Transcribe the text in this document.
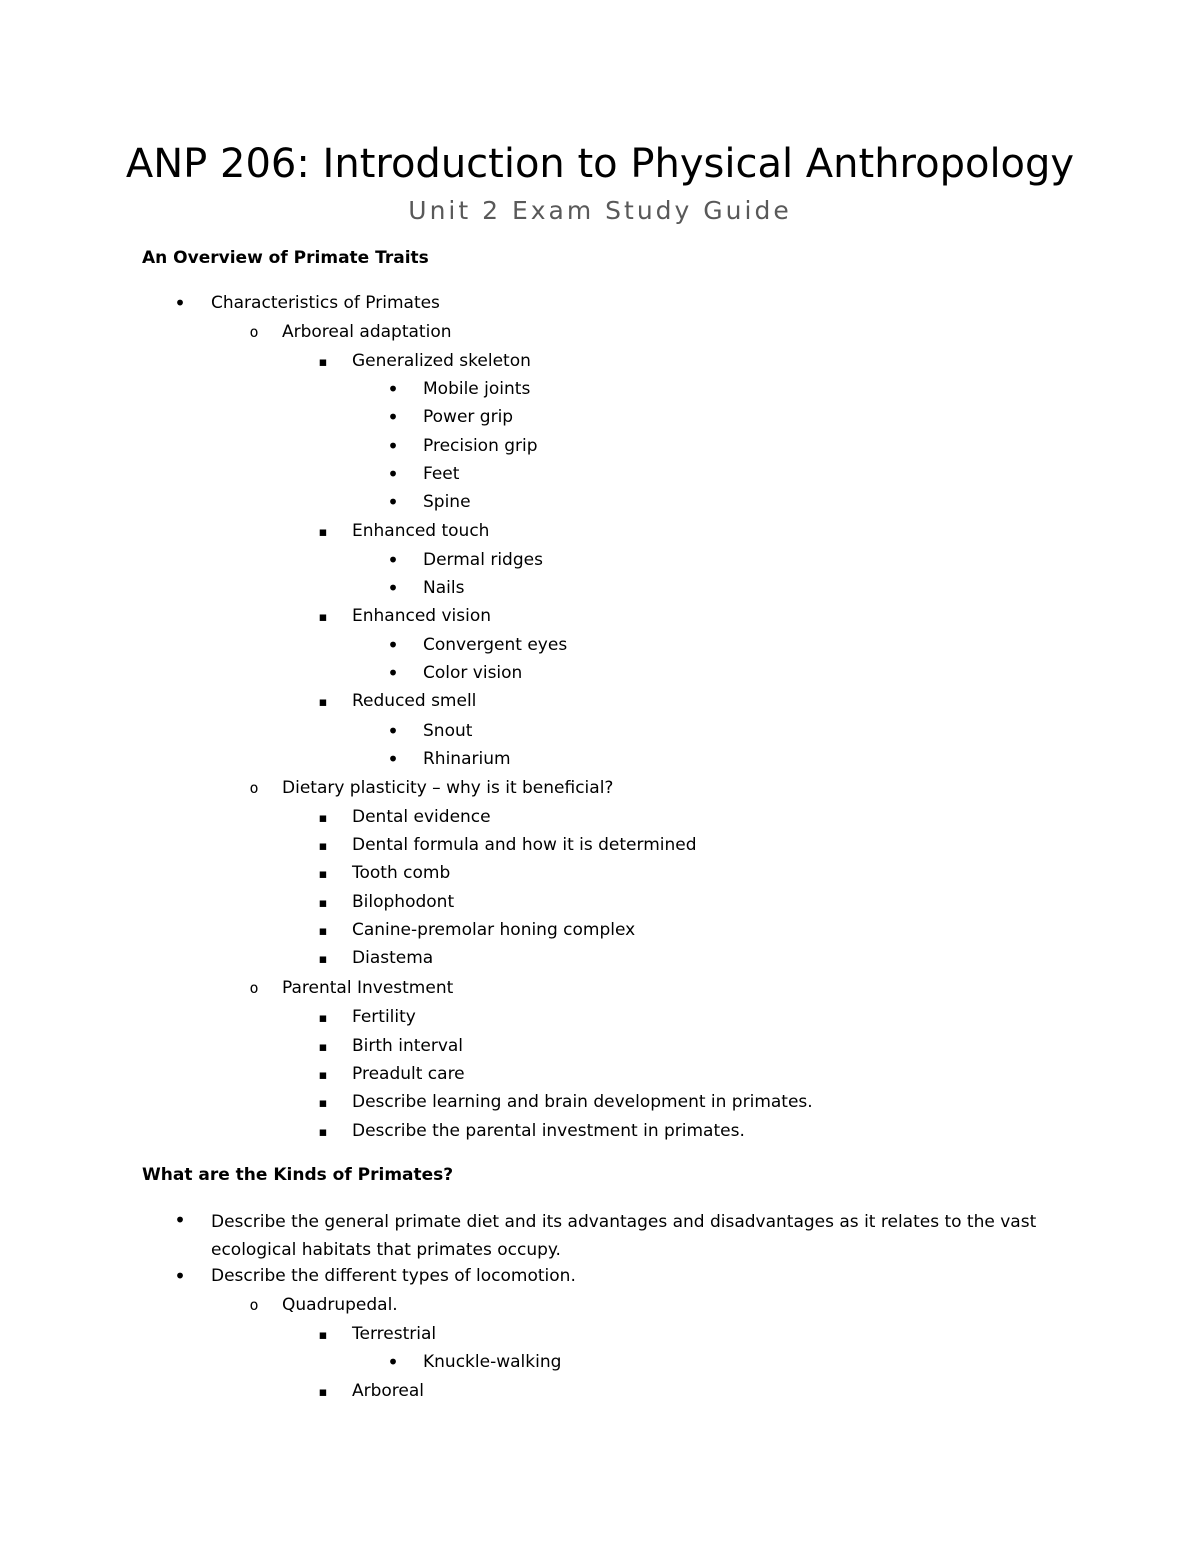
ANP 206: Introduction to Physical Anthropology
Unit 2 Exam Study Guide
An Overview of Primate Traits
•
Characteristics of Primates
o
Arboreal adaptation
▪
Generalized skeleton
•
Mobile joints
•
Power grip
•
Precision grip
•
Feet
•
Spine
▪
Enhanced touch
•
Dermal ridges
•
Nails
▪
Enhanced vision
•
Convergent eyes
•
Color vision
▪
Reduced smell
•
Snout
•
Rhinarium
o
Dietary plasticity – why is it beneficial?
▪
Dental evidence
▪
Dental formula and how it is determined
▪
Tooth comb
▪
Bilophodont
▪
Canine-premolar honing complex
▪
Diastema
o
Parental Investment
▪
Fertility
▪
Birth interval
▪
Preadult care
▪
Describe learning and brain development in primates.
▪
Describe the parental investment in primates.
What are the Kinds of Primates?
•
Describe the general primate diet and its advantages and disadvantages as it relates to the vast ecological habitats that primates occupy.
•
Describe the different types of locomotion.
o
Quadrupedal.
▪
Terrestrial
•
Knuckle-walking
▪
Arboreal
